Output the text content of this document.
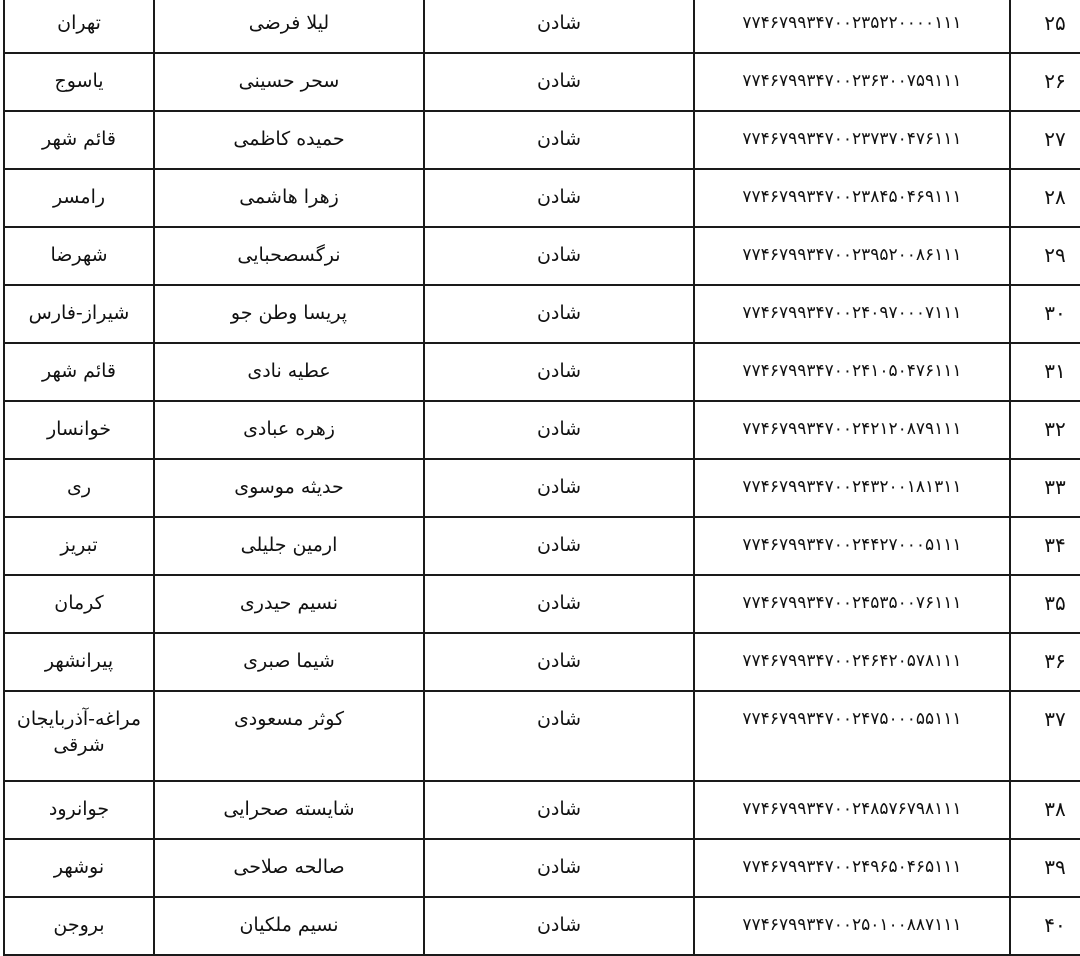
۲۵	۷۷۴۶۷۹۹۳۴۷۰۰۲۳۵۲۲۰۰۰۰۱۱۱	شادن	لیلا فرضی	تهران
۲۶	۷۷۴۶۷۹۹۳۴۷۰۰۲۳۶۳۰۰۷۵۹۱۱۱	شادن	سحر حسینی	یاسوج
۲۷	۷۷۴۶۷۹۹۳۴۷۰۰۲۳۷۳۷۰۴۷۶۱۱۱	شادن	حمیده کاظمی	قائم شهر
۲۸	۷۷۴۶۷۹۹۳۴۷۰۰۲۳۸۴۵۰۴۶۹۱۱۱	شادن	زهرا هاشمی	رامسر
۲۹	۷۷۴۶۷۹۹۳۴۷۰۰۲۳۹۵۲۰۰۸۶۱۱۱	شادن	نرگسصحبایی	شهرضا
۳۰	۷۷۴۶۷۹۹۳۴۷۰۰۲۴۰۹۷۰۰۰۷۱۱۱	شادن	پریسا وطن جو	شیراز-فارس
۳۱	۷۷۴۶۷۹۹۳۴۷۰۰۲۴۱۰۵۰۴۷۶۱۱۱	شادن	عطیه نادی	قائم شهر
۳۲	۷۷۴۶۷۹۹۳۴۷۰۰۲۴۲۱۲۰۸۷۹۱۱۱	شادن	زهره عبادی	خوانسار
۳۳	۷۷۴۶۷۹۹۳۴۷۰۰۲۴۳۲۰۰۱۸۱۳۱۱	شادن	حدیثه موسوی	ری
۳۴	۷۷۴۶۷۹۹۳۴۷۰۰۲۴۴۲۷۰۰۰۵۱۱۱	شادن	ارمین جلیلی	تبریز
۳۵	۷۷۴۶۷۹۹۳۴۷۰۰۲۴۵۳۵۰۰۷۶۱۱۱	شادن	نسیم حیدری	کرمان
۳۶	۷۷۴۶۷۹۹۳۴۷۰۰۲۴۶۴۲۰۵۷۸۱۱۱	شادن	شیما صبری	پیرانشهر
۳۷	۷۷۴۶۷۹۹۳۴۷۰۰۲۴۷۵۰۰۰۵۵۱۱۱	شادن	کوثر مسعودی	مراغه-آذربایجان شرقی
۳۸	۷۷۴۶۷۹۹۳۴۷۰۰۲۴۸۵۷۶۷۹۸۱۱۱	شادن	شایسته صحرایی	جوانرود
۳۹	۷۷۴۶۷۹۹۳۴۷۰۰۲۴۹۶۵۰۴۶۵۱۱۱	شادن	صالحه صلاحی	نوشهر
۴۰	۷۷۴۶۷۹۹۳۴۷۰۰۲۵۰۱۰۰۸۸۷۱۱۱	شادن	نسیم ملکیان	بروجن
